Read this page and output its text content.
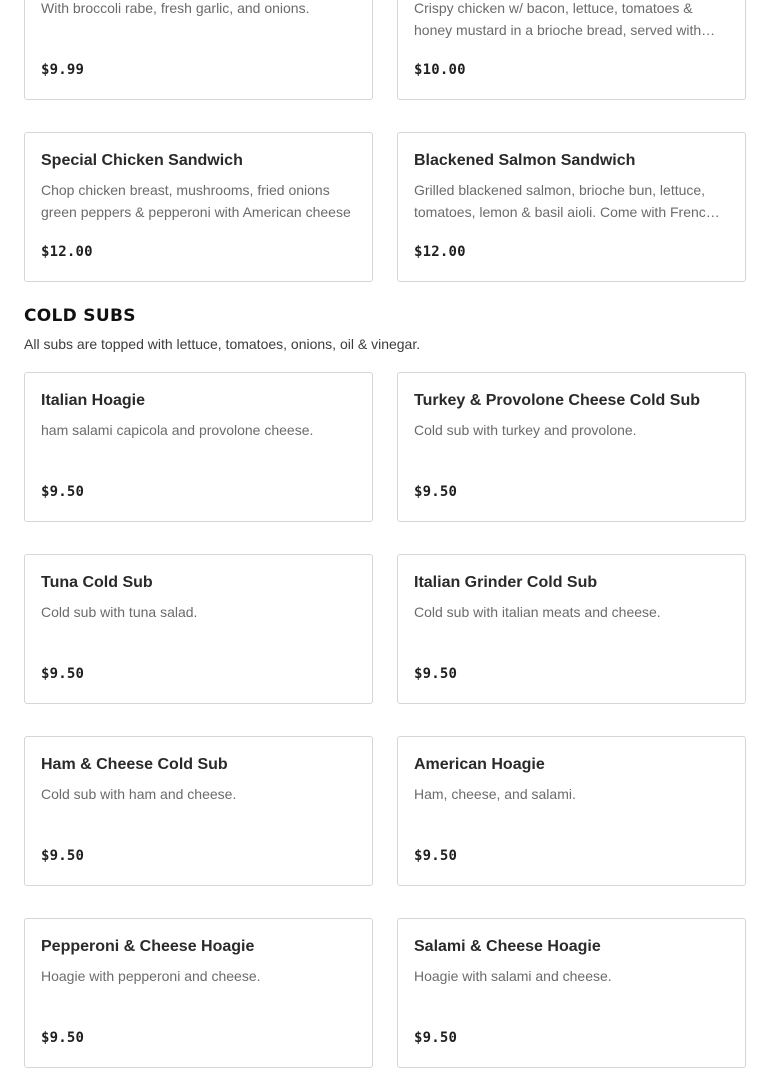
With broccoli rabe, fresh garlic, and onions.
$9.99
Crispy chicken w/ bacon, lettuce, tomatoes & honey mustard in a brioche bread, served with…
$10.00
Special Chicken Sandwich
Chop chicken breast, mushrooms, fried onions green peppers & pepperoni with American cheese
$12.00
Blackened Salmon Sandwich
Grilled blackened salmon, brioche bun, lettuce, tomatoes, lemon & basil aioli. Come with Frenc…
$12.00
COLD SUBS
All subs are topped with lettuce, tomatoes, onions, oil & vinegar.
Italian Hoagie
ham salami capicola and provolone cheese.
$9.50
Turkey & Provolone Cheese Cold Sub
Cold sub with turkey and provolone.
$9.50
Tuna Cold Sub
Cold sub with tuna salad.
$9.50
Italian Grinder Cold Sub
Cold sub with italian meats and cheese.
$9.50
Ham & Cheese Cold Sub
Cold sub with ham and cheese.
$9.50
American Hoagie
Ham, cheese, and salami.
$9.50
Pepperoni & Cheese Hoagie
Hoagie with pepperoni and cheese.
$9.50
Salami & Cheese Hoagie
Hoagie with salami and cheese.
$9.50
